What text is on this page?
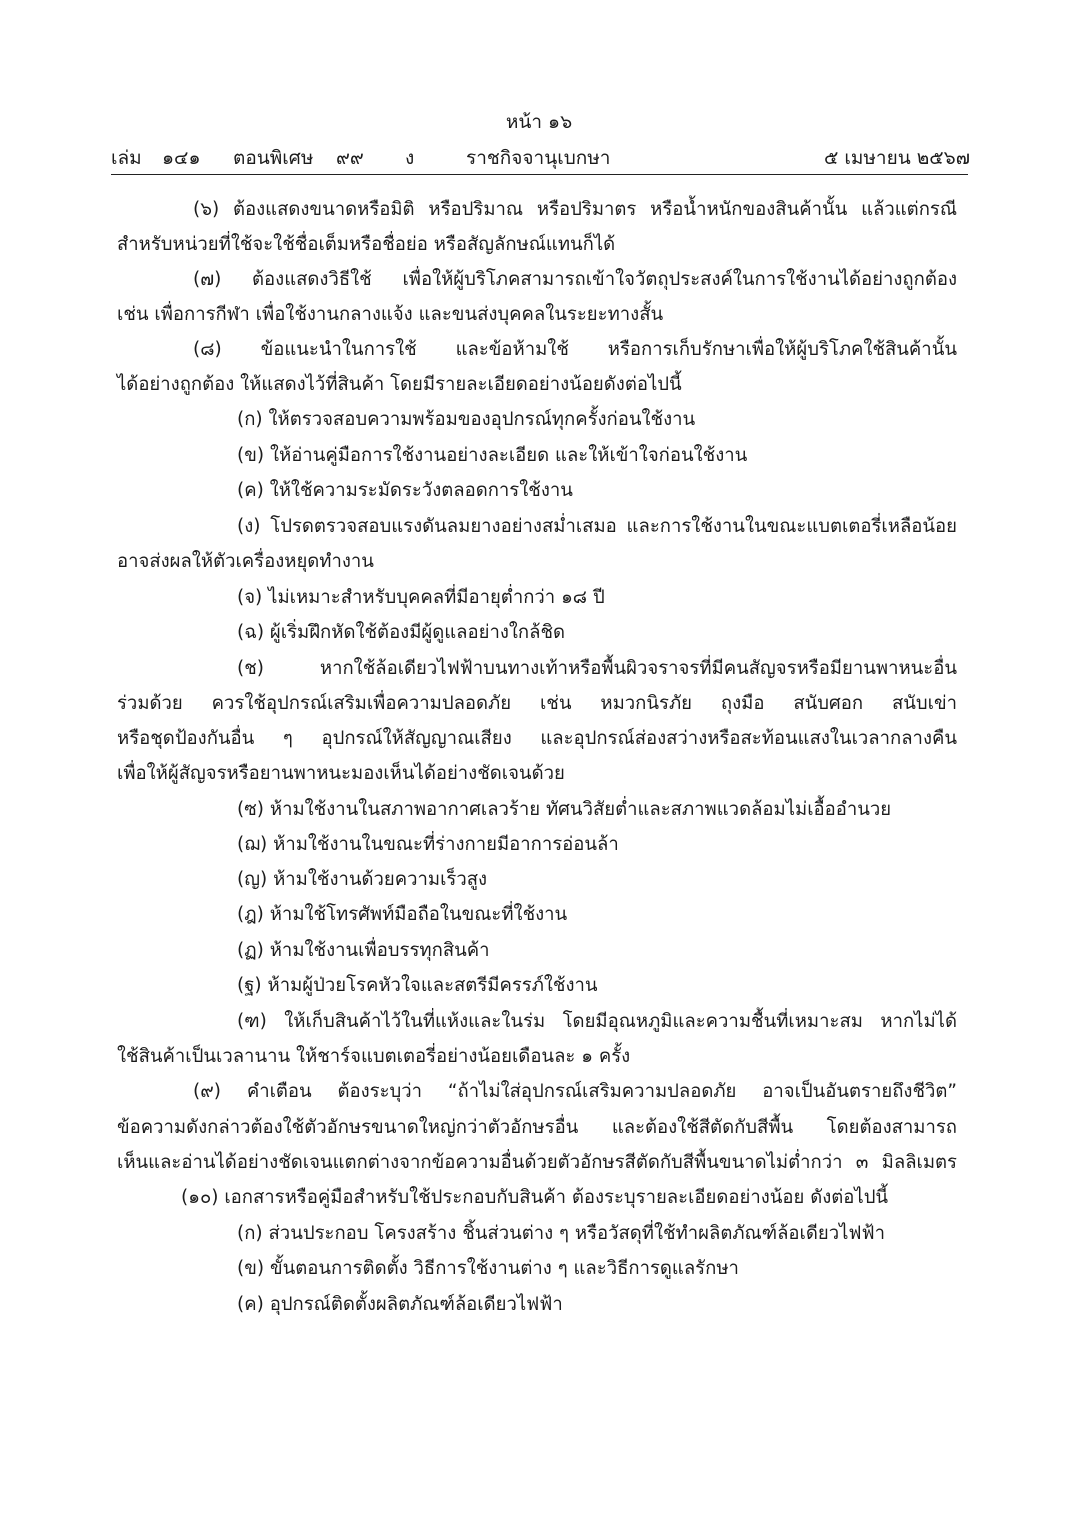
หน้า ๑๖
เล่ม ๑๔๑ ตอนพิเศษ ๙๙ ง	ราชกิจจานุเบกษา	๕ เมษายน ๒๕๖๗
(๖) ต้องแสดงขนาดหรือมิติ หรือปริมาณ หรือปริมาตร หรือน้ำหนักของสินค้านั้น แล้วแต่กรณี
สำหรับหน่วยที่ใช้จะใช้ชื่อเต็มหรือชื่อย่อ หรือสัญลักษณ์แทนก็ได้
(๗) ต้องแสดงวิธีใช้ เพื่อให้ผู้บริโภคสามารถเข้าใจวัตถุประสงค์ในการใช้งานได้อย่างถูกต้อง
เช่น เพื่อการกีฬา เพื่อใช้งานกลางแจ้ง และขนส่งบุคคลในระยะทางสั้น
(๘) ข้อแนะนำในการใช้ และข้อห้ามใช้ หรือการเก็บรักษาเพื่อให้ผู้บริโภคใช้สินค้านั้น
ได้อย่างถูกต้อง ให้แสดงไว้ที่สินค้า โดยมีรายละเอียดอย่างน้อยดังต่อไปนี้
(ก) ให้ตรวจสอบความพร้อมของอุปกรณ์ทุกครั้งก่อนใช้งาน
(ข) ให้อ่านคู่มือการใช้งานอย่างละเอียด และให้เข้าใจก่อนใช้งาน
(ค) ให้ใช้ความระมัดระวังตลอดการใช้งาน
(ง) โปรดตรวจสอบแรงดันลมยางอย่างสม่ำเสมอ และการใช้งานในขณะแบตเตอรี่เหลือน้อย
อาจส่งผลให้ตัวเครื่องหยุดทำงาน
(จ) ไม่เหมาะสำหรับบุคคลที่มีอายุต่ำกว่า ๑๘ ปี
(ฉ) ผู้เริ่มฝึกหัดใช้ต้องมีผู้ดูแลอย่างใกล้ชิด
(ช) หากใช้ล้อเดียวไฟฟ้าบนทางเท้าหรือพื้นผิวจราจรที่มีคนสัญจรหรือมียานพาหนะอื่น
ร่วมด้วย ควรใช้อุปกรณ์เสริมเพื่อความปลอดภัย เช่น หมวกนิรภัย ถุงมือ สนับศอก สนับเข่า
หรือชุดป้องกันอื่น ๆ อุปกรณ์ให้สัญญาณเสียง และอุปกรณ์ส่องสว่างหรือสะท้อนแสงในเวลากลางคืน
เพื่อให้ผู้สัญจรหรือยานพาหนะมองเห็นได้อย่างชัดเจนด้วย
(ซ) ห้ามใช้งานในสภาพอากาศเลวร้าย ทัศนวิสัยต่ำและสภาพแวดล้อมไม่เอื้ออำนวย
(ฌ) ห้ามใช้งานในขณะที่ร่างกายมีอาการอ่อนล้า
(ญ) ห้ามใช้งานด้วยความเร็วสูง
(ฎ) ห้ามใช้โทรศัพท์มือถือในขณะที่ใช้งาน
(ฏ) ห้ามใช้งานเพื่อบรรทุกสินค้า
(ฐ) ห้ามผู้ป่วยโรคหัวใจและสตรีมีครรภ์ใช้งาน
(ฑ) ให้เก็บสินค้าไว้ในที่แห้งและในร่ม โดยมีอุณหภูมิและความชื้นที่เหมาะสม หากไม่ได้
ใช้สินค้าเป็นเวลานาน ให้ชาร์จแบตเตอรี่อย่างน้อยเดือนละ ๑ ครั้ง
(๙) คำเตือน ต้องระบุว่า “ถ้าไม่ใส่อุปกรณ์เสริมความปลอดภัย อาจเป็นอันตรายถึงชีวิต”
ข้อความดังกล่าวต้องใช้ตัวอักษรขนาดใหญ่กว่าตัวอักษรอื่น และต้องใช้สีตัดกับสีพื้น โดยต้องสามารถ
เห็นและอ่านได้อย่างชัดเจนแตกต่างจากข้อความอื่นด้วยตัวอักษรสีตัดกับสีพื้นขนาดไม่ต่ำกว่า ๓ มิลลิเมตร
(๑๐) เอกสารหรือคู่มือสำหรับใช้ประกอบกับสินค้า ต้องระบุรายละเอียดอย่างน้อย ดังต่อไปนี้
(ก) ส่วนประกอบ โครงสร้าง ชิ้นส่วนต่าง ๆ หรือวัสดุที่ใช้ทำผลิตภัณฑ์ล้อเดียวไฟฟ้า
(ข) ขั้นตอนการติดตั้ง วิธีการใช้งานต่าง ๆ และวิธีการดูแลรักษา
(ค) อุปกรณ์ติดตั้งผลิตภัณฑ์ล้อเดียวไฟฟ้า
